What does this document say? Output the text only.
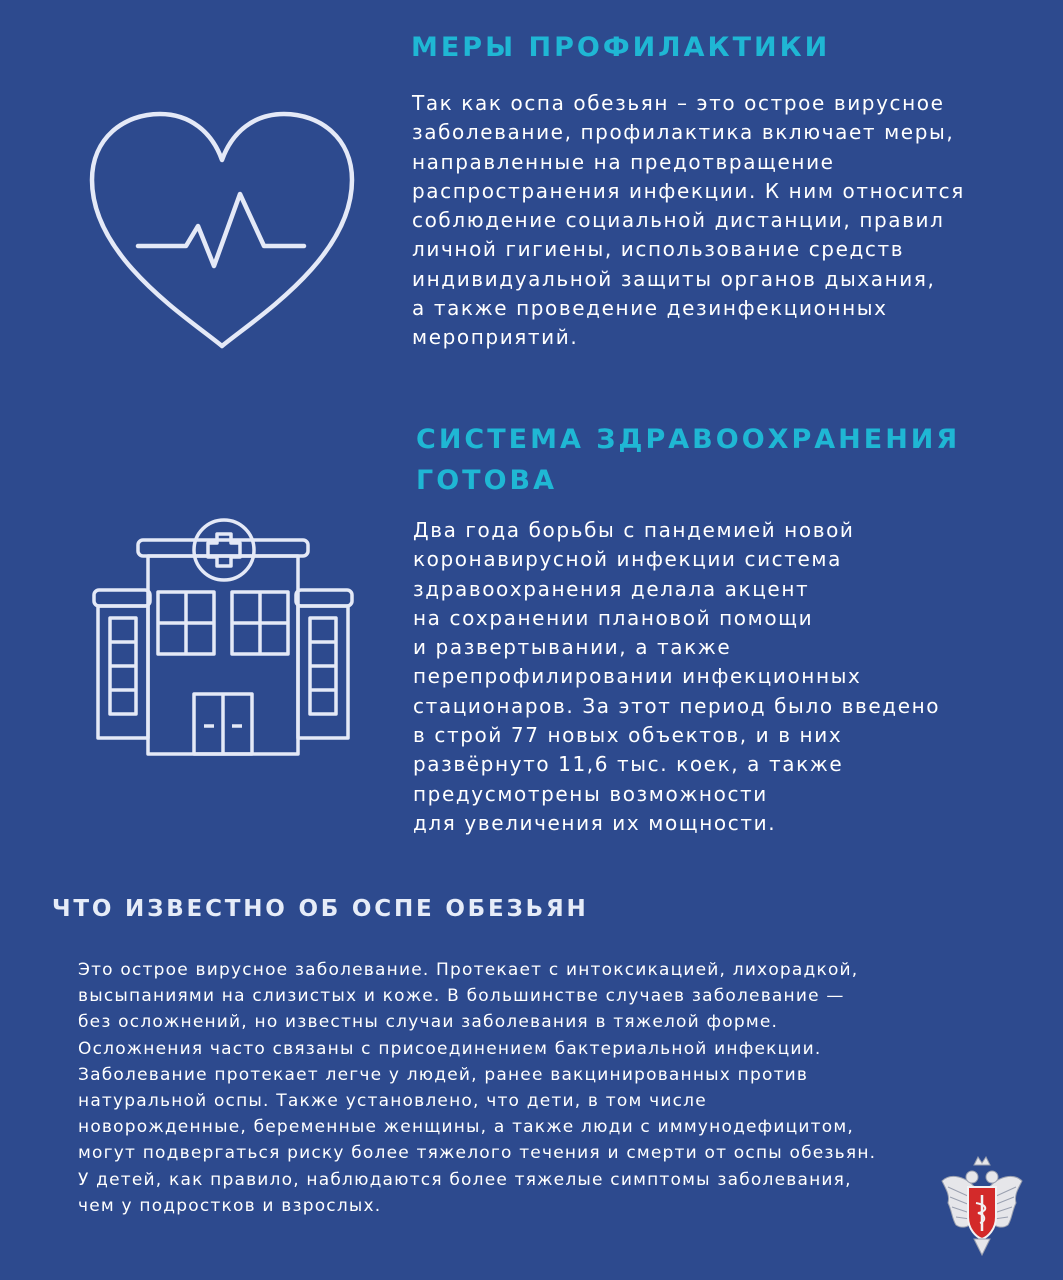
МЕРЫ ПРОФИЛАКТИКИ

Так как оспа обезьян – это острое вирусное
заболевание, профилактика включает меры,
направленные на предотвращение
распространения инфекции. К ним относится
соблюдение социальной дистанции, правил
личной гигиены, использование средств
индивидуальной защиты органов дыхания,
а также проведение дезинфекционных
мероприятий.

СИСТЕМА ЗДРАВООХРАНЕНИЯ
ГОТОВА

Два года борьбы с пандемией новой
коронавирусной инфекции система
здравоохранения делала акцент
на сохранении плановой помощи
и развертывании, а также
перепрофилировании инфекционных
стационаров. За этот период было введено
в строй 77 новых объектов, и в них
развёрнуто 11,6 тыс. коек, а также
предусмотрены возможности
для увеличения их мощности.

ЧТО ИЗВЕСТНО ОБ ОСПЕ ОБЕЗЬЯН

Это острое вирусное заболевание. Протекает с интоксикацией, лихорадкой,
высыпаниями на слизистых и коже. В большинстве случаев заболевание —
без осложнений, но известны случаи заболевания в тяжелой форме.
Осложнения часто связаны с присоединением бактериальной инфекции.
Заболевание протекает легче у людей, ранее вакцинированных против
натуральной оспы. Также установлено, что дети, в том числе
новорожденные, беременные женщины, а также люди с иммунодефицитом,
могут подвергаться риску более тяжелого течения и смерти от оспы обезьян.
У детей, как правило, наблюдаются более тяжелые симптомы заболевания,
чем у подростков и взрослых.
